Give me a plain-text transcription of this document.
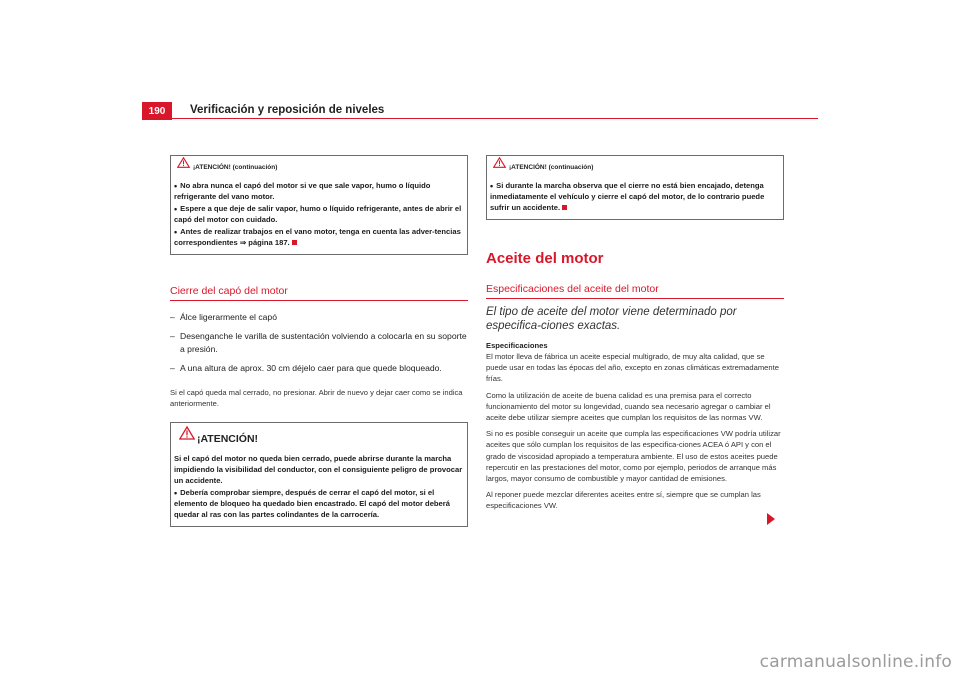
190	Verificación y reposición de niveles
¡ATENCIÓN! (continuación)

• No abra nunca el capó del motor si ve que sale vapor, humo o líquido refrigerante del vano motor.

• Espere a que deje de salir vapor, humo o líquido refrigerante, antes de abrir el capó del motor con cuidado.

• Antes de realizar trabajos en el vano motor, tenga en cuenta las adver-tencias correspondientes ⇒ página 187.

Cierre del capó del motor
– Álce ligerarmente el capó
– Desenganche le varilla de sustentación volviendo a colocarla en su soporte a presión.
– A una altura de aprox. 30 cm déjelo caer para que quede bloqueado.

Si el capó queda mal cerrado, no presionar. Abrir de nuevo y dejar caer como se indica anteriormente.

¡ATENCIÓN!

Si el capó del motor no queda bien cerrado, puede abrirse durante la marcha impidiendo la visibilidad del conductor, con el consiguiente peligro de provocar un accidente.

• Debería comprobar siempre, después de cerrar el capó del motor, si el elemento de bloqueo ha quedado bien encastrado. El capó del motor deberá quedar al ras con las partes colindantes de la carrocería.

¡ATENCIÓN! (continuación)

• Si durante la marcha observa que el cierre no está bien encajado, detenga inmediatamente el vehículo y cierre el capó del motor, de lo contrario puede sufrir un accidente.

Aceite del motor
Especificaciones del aceite del motor

El tipo de aceite del motor viene determinado por especifica-ciones exactas.

Especificaciones

El motor lleva de fábrica un aceite especial multigrado, de muy alta calidad, que se puede usar en todas las épocas del año, excepto en zonas climáticas extremadamente frías.

Como la utilización de aceite de buena calidad es una premisa para el correcto funcionamiento del motor su longevidad, cuando sea necesario agregar o cambiar el aceite debe utilizar siempre aceites que cumplan los requisitos de las normas VW.

Si no es posible conseguir un aceite que cumpla las especificaciones VW podría utilizar aceites que sólo cumplan los requisitos de las especifica-ciones ACEA ó API y con el grado de viscosidad apropiado a temperatura ambiente. El uso de estos aceites puede repercutir en las prestaciones del motor, como por ejemplo, periodos de arranque más largos, mayor consumo de combustible y mayor cantidad de emisiones.

Al reponer puede mezclar diferentes aceites entre sí, siempre que se cumplan las especificaciones VW.

carmanualsonline.info
